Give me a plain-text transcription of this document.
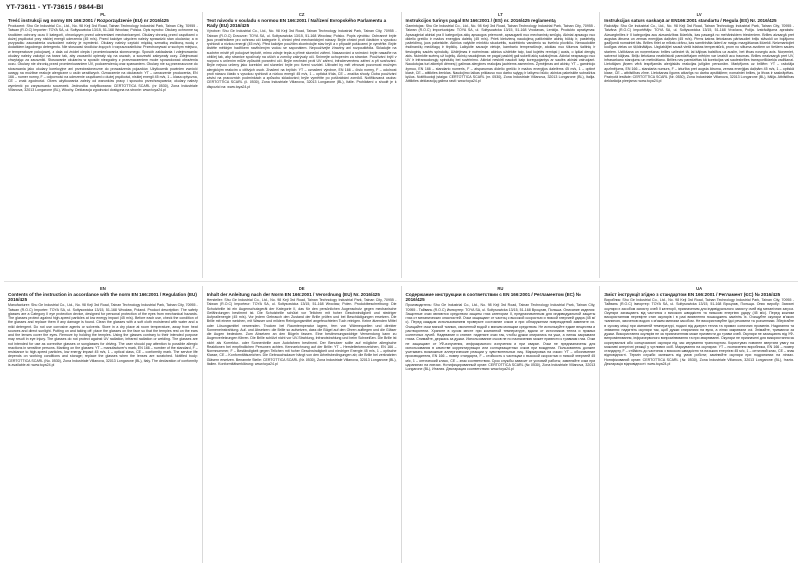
YT-73611 - YT-73615 / 9844-BI
PL
Treść instrukcji wg normy EN 166:2001 / Rozporządzenie (EU) nr 2016/425
Producent: Shu Ge Industrial Co., Ltd., No. 98 Keji 3rd Road, Tainan Technology Industrial Park, Tainan City, 70955 - Taiwan (R.O.C) Importer: TOYA SA, ul. Sołtysowicka 13/15, 51-168 Wrocław, Polska. Opis wyrobu: Okulary ochronne są środkiem ochrony oczu II kategorii, chroniącym przed uderzeniami mechanicznymi. Okulary chronią przed cząstkami o dużej prędkości przy niskiej energii uderzenia (45 m/s). Przed każdym użyciem należy sprawdzić stan okularów, a w przypadku zauważenia uszkodzeń należy je wymienić. Okulary należy czyścić miękką szmatką zwilżoną wodą z dodatkiem łagodnego detergentu. Nie stosować środków żrących i rozpuszczalników. Przechowywać w suchym miejscu, w temperaturze pokojowej, z dala od źródeł ciepła i promieniowania słonecznego. Sposób zakładania i zdejmowania: okulary należy założyć na twarz tak, aby zauszniki opierały się na uszach, a soczewki zakrywały oczy. Zdejmować chwytając za zauszniki. Stosowanie okularów w sposób niezgodny z przeznaczeniem może spowodować obrażenia oczu. Okulary nie chronią przed promieniowaniem UV, podczerwienią oraz spawaniem. Okulary nie są przeznaczone do stosowania jako okulary korekcyjne ani przeciwsłoneczne do prowadzenia pojazdów. Użytkownik powinien zwrócić uwagę na możliwe reakcje alergiczne u osób wrażliwych. Oznaczenie na okularach: YT – oznaczenie producenta, EN 166 – numer normy, F – odporność na uderzenie cząstkami o dużej prędkości, niskiej energii 45 m/s, 1 – klasa optyczna, CE – znak zgodności. Okres użytkowania zależy od warunków pracy i sposobu przechowywania; okulary należy wymienić po zarysowaniu soczewek. Jednostka notyfikowana: CERTOTTICA SCARL (nr 0530), Zona Industriale Villanova, 32013 Longarone (BL), Włochy. Deklaracja zgodności dostępna na stronie: www.toya24.pl
CZ
Text návodu v souladu s normou EN 166:2001 / Nařízení Evropského Parlamentu a Rady (EU) 2016/425
Výrobce: Shu Ge Industrial Co., Ltd., No. 98 Keji 3rd Road, Tainan Technology Industrial Park, Tainan City, 70955 - Taiwan (R.O.C) Dovozce: TOYA SA, ul. Sołtysowicka 13/15, 51-168 Wrocław, Polsko. Popis výrobku: Ochranné brýle jsou prostředkem pro ochranu očí kategorie II, chrání před mechanickými nárazy. Brýle chrání proti částicím s vysokou rychlostí a nízkou energií (45 m/s). Před každým použitím zkontrolujte stav brýlí a v případě poškození je vyměňte. Brýle čistěte měkkým hadříkem navlhčeným vodou se saponátem. Nepoužívejte žíraviny ani rozpouštědla. Skladujte na suchém místě při pokojové teplotě, mimo zdroje tepla a přímé sluneční záření. Nasazování a snímání: brýle nasaďte na obličej tak, aby stranice spočívaly na uších a zorníky zakrývaly oči. Snímejte uchopením za stranice. Používání brýlí v rozporu s určením může způsobit poranění očí. Brýle nechrání proti UV záření, infračervenému záření a při svařování. Brýle nejsou určeny jako korekční ani sluneční brýle pro řízení vozidel. Uživatel by měl věnovat pozornost možným alergickým reakcím u citlivých osob. Značení na brýlích: YT – označení výrobce, EN 166 – číslo normy, F – odolnost proti nárazu částic s vysokou rychlostí a nízkou energií 45 m/s, 1 – optická třída, CE – značka shody. Doba používání závisí na pracovních podmínkách a způsobu skladování; brýle vyměňte po poškrábání zorníků. Notifikovaná osoba: CERTOTTICA SCARL (č. 0530), Zona Industriale Villanova, 32013 Longarone (BL), Itálie. Prohlášení o shodě je k dispozici na: www.toya24.pl
LT
Instrukcijos turinys pagal EN 166:2001 / (ES) nr. 2016/425 reglamentą
Gamintojas: Shu Ge Industrial Co., Ltd., No. 98 Keji 3rd Road, Tainan Technology Industrial Park, Tainan City, 70955 - Taiwan (R.O.C) Importuotojas: TOYA SA, ul. Sołtysowicka 13/15, 51-168 Vroclavas, Lenkija. Produkto aprašymas: Apsauginiai akiniai yra II kategorijos akių apsaugos priemonė, apsauganti nuo mechaninių smūgių. Akiniai apsaugo nuo didelio greičio ir mažos energijos dalelių (45 m/s). Prieš kiekvieną naudojimą patikrinkite akinių būklę ir, pastebėję pažeidimų, juos pakeiskite. Akinius valykite minkštu skudurėliu, sudrėkintu vandeniu su švelniu plovikliu. Nenaudokite ėsdinančių medžiagų ir tirpiklių. Laikykite sausoje vietoje, kambario temperatūroje, atokiau nuo šilumos šaltinių ir tiesioginių saulės spindulių. Uždėjimas ir nuėmimas: akinius uždėkite taip, kad kojelės remtųsi į ausis, o lęšiai dengtų akis. Nuimkite suėmę už kojelių. Akinių naudojimas ne pagal paskirtį gali sukelti akių sužalojimus. Akiniai neapsaugo nuo UV ir infraraudonųjų spindulių bei suvirinimo. Akiniai neskirti naudoti kaip koreguojantys ar saulės akiniai vairuojant. Naudotojas turi atkreipti dėmesį į galimas alergines reakcijas jautriems asmenims. Žymėjimas ant akinių: YT – gamintojo žymuo, EN 166 – standarto numeris, F – atsparumas didelio greičio ir mažos energijos dalelėms 45 m/s, 1 – optinė klasė, CE – atitikties ženklas. Naudojimo laikas priklauso nuo darbo sąlygų ir laikymo būdo; akinius pakeiskite subraižius lęšius. Notifikuotoji įstaiga: CERTOTTICA SCARL (nr. 0530), Zona Industriale Villanova, 32013 Longarone (BL), Italija. Atitikties deklaraciją galima rasti: www.toya24.pl
LV
Instrukcijas saturs saskaņā ar EN166:2001 standartu / Regula (ES) Nr. 2016/425
Ražotājs: Shu Ge Industrial Co., Ltd., No. 98 Keji 3rd Road, Tainan Technology Industrial Park, Tainan City, 70955 - Taivāna (R.O.C) Importētājs: TOYA SA, ul. Sołtysowicka 13/15, 51-168 Vroclava, Polija. Izstrādājuma apraksts: Aizsargbrilles ir II kategorijas acu aizsardzības līdzeklis, kas pasargā no mehāniskiem triecieniem. Brilles aizsargā pret augstas ātruma un zemas enerģijas daļiņām (45 m/s). Pirms katras lietošanas pārbaudiet briļļu stāvokli un bojājumu gadījumā nomainiet tās. Brilles tīriet ar mīkstu drānu, kas samitrināta ūdenī ar maigu mazgāšanas līdzekli. Neizmantojiet kodīgas vielas un šķīdinātājus. Uzglabājiet sausā vietā istabas temperatūrā, prom no siltuma avotiem un tiešiem saules stariem. Uzlikšana un noņemšana: brilles uzlieciet tā, lai kājiņas balstītos uz ausīm, bet lēcas nosegtu acis. Noņemiet, satverot kājiņas. Briļļu lietošana neatbilstoši paredzētajam mērķim var izraisīt acu traumas. Brilles neaizsargā pret UV, infrasarkano starojumu un metināšanu. Brilles nav paredzētas kā korekcijas vai saulesbrilles transportlīdzekļa vadīšanai. Lietotājam jāņem vērā iespējamās alerģiskās reakcijas jutīgām personām. Marķējums uz brillēm: YT – ražotāja apzīmējums, EN 166 – standarta numurs, F – izturība pret augsta ātruma, zemas enerģijas daļiņām 45 m/s, 1 – optiskā klase, CE – atbilstības zīme. Lietošanas ilgums atkarīgs no darba apstākļiem; nomainiet brilles, ja lēcas ir saskrāpētas. Paziņotā iestāde: CERTOTTICA SCARL (Nr. 0530), Zona Industriale Villanova, 32013 Longarone (BL), Itālija. Atbilstības deklarācija pieejama: www.toya24.pl
EN
Contents of the instruction in accordance with the norm EN 166:2001 / Regulation (EU) 2016/425
Manufacturer: Shu Ge Industrial Co., Ltd., No. 98 Keji 3rd Road, Tainan Technology Industrial Park, Tainan City, 70955 - Taiwan (R.O.C) Importer: TOYA SA, ul. Sołtysowicka 13/15, 51-168 Wrocław, Poland. Product description: The safety glasses are a Category II eye protection device, designed for personal protection of the eyes from mechanical hazards. The glasses protect against high-speed particles at low energy impact (45 m/s). Before each use, check the condition of the glasses and replace them if any damage is found. Clean the glasses with a soft cloth moistened with water and a mild detergent. Do not use corrosive agents or solvents. Store in a dry place at room temperature, away from heat sources and direct sunlight. Putting on and taking off: place the glasses on the face so that the temples rest on the ears and the lenses cover the eyes. Remove by holding the temples. Using the glasses contrary to their intended purpose may result in eye injury. The glasses do not protect against UV radiation, infrared radiation or welding. The glasses are not intended for use as corrective glasses or sunglasses for driving. The user should pay attention to possible allergic reactions in sensitive persons. Marking on the glasses: YT – manufacturer's mark, EN 166 – number of the standard, F – resistance to high-speed particles, low energy impact 45 m/s, 1 – optical class, CE – conformity mark. The service life depends on working conditions and storage; replace the glasses when the lenses are scratched. Notified body: CERTOTTICA SCARL (No. 0530), Zona Industriale Villanova, 32013 Longarone (BL), Italy. The declaration of conformity is available at: www.toya24.pl
DE
Inhalt der Anleitung nach der Norm EN 166:2001 / Verordnung (EU) Nr. 2016/425
Hersteller: Shu Ge Industrial Co., Ltd., No. 98 Keji 3rd Road, Tainan Technology Industrial Park, Tainan City, 70955 - Taiwan (R.O.C) Importeur: TOYA SA, ul. Sołtysowicka 13/15, 51-168 Wrocław, Polen. Produktbeschreibung: Die Schutzbrille ist ein Augenschutzgerät der Kategorie II, das für den persönlichen Augenschutz gegen mechanische Gefährdungen bestimmt ist. Die Schutzbrille schützt vor Teilchen mit hoher Geschwindigkeit und niedriger Aufprallenergie (45 m/s). Vor jedem Gebrauch den Zustand der Brille prüfen und bei Beschädigungen ersetzen. Die Brille mit einem weichen, mit Wasser und mildem Reinigungsmittel angefeuchteten Tuch reinigen. Keine ätzenden Mittel oder Lösungsmittel verwenden. Trocken bei Raumtemperatur lagern, fern von Wärmequellen und direkter Sonneneinstrahlung. Auf- und Absetzen: die Brille so aufsetzen, dass die Bügel auf den Ohren aufliegen und die Gläser die Augen bedecken. Zum Absetzen an den Bügeln fassen. Eine bestimmungswidrige Verwendung kann zu Augenverletzungen führen. Die Brille schützt nicht vor UV-Strahlung, Infrarotstrahlung und beim Schweißen. Die Brille ist nicht als Korrektur- oder Sonnenbrille zum Autofahren bestimmt. Der Benutzer sollte auf mögliche allergische Reaktionen bei empfindlichen Personen achten. Kennzeichnung auf der Brille: YT – Herstellerkennzeichen, EN 166 – Normnummer, F – Beständigkeit gegen Teilchen mit hoher Geschwindigkeit und niedriger Energie 45 m/s, 1 – optische Klasse, CE – Konformitätszeichen. Die Gebrauchsdauer hängt von den Arbeitsbedingungen ab; die Brille bei zerkratzten Gläsern ersetzen. Benannte Stelle: CERTOTTICA SCARL (Nr. 0530), Zona Industriale Villanova, 32013 Longarone (BL), Italien. Konformitätserklärung: www.toya24.pl
RU
Содержание инструкции в соответствии с EN 166:2001 / Регламентом (ЕС) № 2016/425
Производитель: Shu Ge Industrial Co., Ltd., No. 98 Keji 3rd Road, Tainan Technology Industrial Park, Tainan City, 70955 - Тайвань (R.O.C) Импортер: TOYA SA, ul. Sołtysowicka 13/15, 51-168 Вроцлав, Польша. Описание изделия: Защитные очки являются средством защиты глаз категории II, предназначенным для индивидуальной защиты глаз от механических опасностей. Очки защищают от частиц с высокой скоростью и низкой энергией удара (45 м/с). Перед каждым использованием проверьте состояние очков и при обнаружении повреждений замените их. Очищайте очки мягкой тканью, смоченной водой с мягким моющим средством. Не используйте едкие вещества и растворители. Храните в сухом месте при комнатной температуре, вдали от источников тепла и прямых солнечных лучей. Надевание и снятие: наденьте очки так, чтобы дужки опирались на уши, а линзы закрывали глаза. Снимайте, держась за дужки. Использование очков не по назначению может привести к травмам глаз. Очки не защищают от УФ-излучения, инфракрасного излучения и при сварке. Очки не предназначены для использования в качестве корректирующих или солнцезащитных очков при вождении. Пользователь должен учитывать возможные аллергические реакции у чувствительных лиц. Маркировка на очках: YT – обозначение производителя, EN 166 – номер стандарта, F – стойкость к частицам с высокой скоростью и низкой энергией 45 м/с, 1 – оптический класс, CE – знак соответствия. Срок службы зависит от условий работы; заменяйте очки при царапинах на линзах. Нотифицированный орган: CERTOTTICA SCARL (№ 0530), Zona Industriale Villanova, 32013 Longarone (BL), Италия. Декларация соответствия: www.toya24.pl
UA
Зміст інструкції згідно з стандартом EN 166:2001 / Регламент (ЄС) № 2016/425
Виробник: Shu Ge Industrial Co., Ltd., No. 98 Keji 3rd Road, Tainan Technology Industrial Park, Tainan City, 70955 - Тайвань (R.O.C) Імпортер: TOYA SA, ul. Sołtysowicka 13/15, 51-168 Вроцлав, Польща. Опис виробу: Захисні окуляри є засобом захисту очей II категорії, призначеним для індивідуального захисту очей від механічних загроз. Окуляри захищають від частинок з високою швидкістю та низькою енергією удару (45 м/с). Перед кожним використанням перевірте стан окулярів і в разі виявлення пошкоджень замініть їх. Очищуйте окуляри м'якою тканиною, змоченою водою з м'яким миючим засобом. Не використовуйте їдкі речовини та розчинники. Зберігайте в сухому місці при кімнатній температурі, подалі від джерел тепла та прямих сонячних променів. Надягання та знімання: надягніть окуляри так, щоб дужки спиралися на вуха, а лінзи закривали очі. Знімайте, тримаючи за дужки. Використання окулярів не за призначенням може призвести до травм очей. Окуляри не захищають від УФ-випромінювання, інфрачервоного випромінювання та при зварюванні. Окуляри не призначені для використання як коригувальні або сонцезахисні окуляри під час керування транспортом. Користувач повинен звертати увагу на можливі алергічні реакції у чутливих осіб. Маркування на окулярах: YT – позначення виробника, EN 166 – номер стандарту, F – стійкість до частинок з високою швидкістю та низькою енергією 45 м/с, 1 – оптичний клас, CE – знак відповідності. Термін служби залежить від умов роботи; замінюйте окуляри при подряпинах на лінзах. Нотифікований орган: CERTOTTICA SCARL (№ 0530), Zona Industriale Villanova, 32013 Longarone (BL), Італія. Декларація відповідності: www.toya24.pl
